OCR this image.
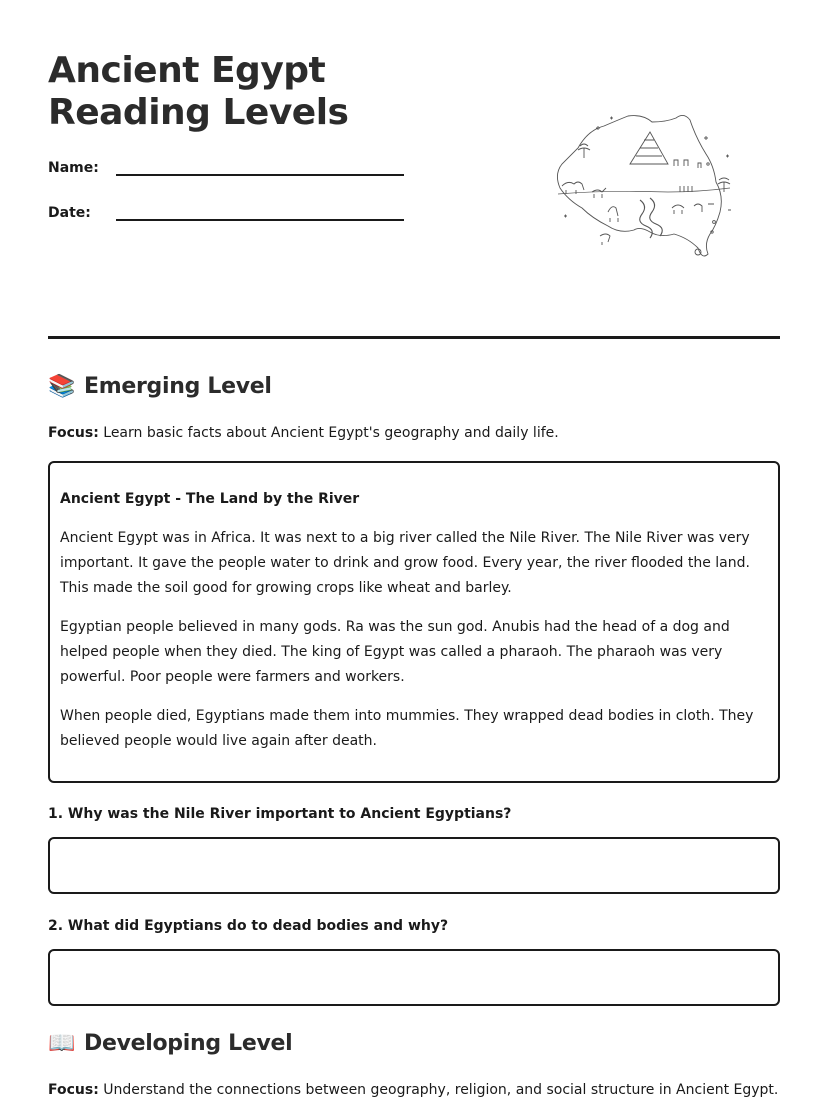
Ancient Egypt Reading Levels
Name:
Date:
📚 Emerging Level
Focus: Learn basic facts about Ancient Egypt's geography and daily life.
Ancient Egypt - The Land by the River

Ancient Egypt was in Africa. It was next to a big river called the Nile River. The Nile River was very important. It gave the people water to drink and grow food. Every year, the river flooded the land. This made the soil good for growing crops like wheat and barley.

Egyptian people believed in many gods. Ra was the sun god. Anubis had the head of a dog and helped people when they died. The king of Egypt was called a pharaoh. The pharaoh was very powerful. Poor people were farmers and workers.

When people died, Egyptians made them into mummies. They wrapped dead bodies in cloth. They believed people would live again after death.

1. Why was the Nile River important to Ancient Egyptians?
2. What did Egyptians do to dead bodies and why?
📖 Developing Level
Focus: Understand the connections between geography, religion, and social structure in Ancient Egypt.
